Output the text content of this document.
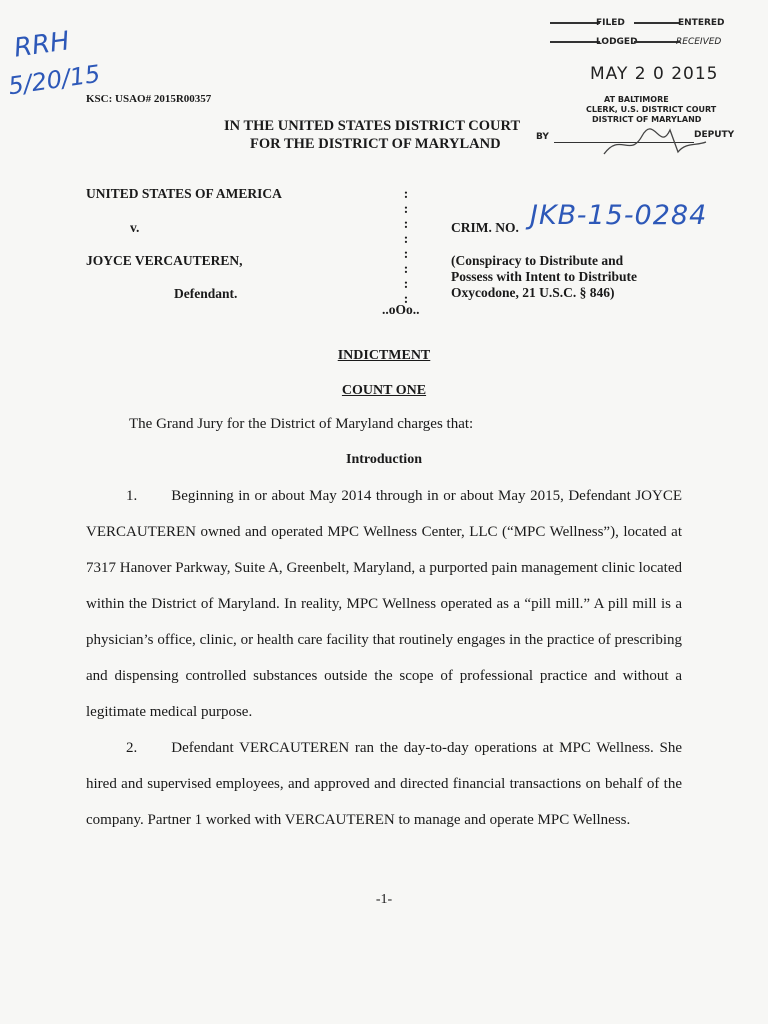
RRH
5/20/15
FILED	ENTERED
LODGED	RECEIVED
MAY 2 0 2015
AT BALTIMORE
CLERK, U.S. DISTRICT COURT
DISTRICT OF MARYLAND
BY	DEPUTY
KSC: USAO# 2015R00357
IN THE UNITED STATES DISTRICT COURT
FOR THE DISTRICT OF MARYLAND
UNITED STATES OF AMERICA
v.
JOYCE VERCAUTEREN,
Defendant.
:
:
:
:
:
:
:
:
..oOo..
CRIM. NO. JKB-15-0284
(Conspiracy to Distribute and
Possess with Intent to Distribute
Oxycodone, 21 U.S.C. § 846)
INDICTMENT
COUNT ONE
The Grand Jury for the District of Maryland charges that:
Introduction
1. Beginning in or about May 2014 through in or about May 2015, Defendant JOYCE VERCAUTEREN owned and operated MPC Wellness Center, LLC (“MPC Wellness”), located at 7317 Hanover Parkway, Suite A, Greenbelt, Maryland, a purported pain management clinic located within the District of Maryland. In reality, MPC Wellness operated as a “pill mill.” A pill mill is a physician’s office, clinic, or health care facility that routinely engages in the practice of prescribing and dispensing controlled substances outside the scope of professional practice and without a legitimate medical purpose.
2. Defendant VERCAUTEREN ran the day-to-day operations at MPC Wellness. She hired and supervised employees, and approved and directed financial transactions on behalf of the company. Partner 1 worked with VERCAUTEREN to manage and operate MPC Wellness.
-1-
